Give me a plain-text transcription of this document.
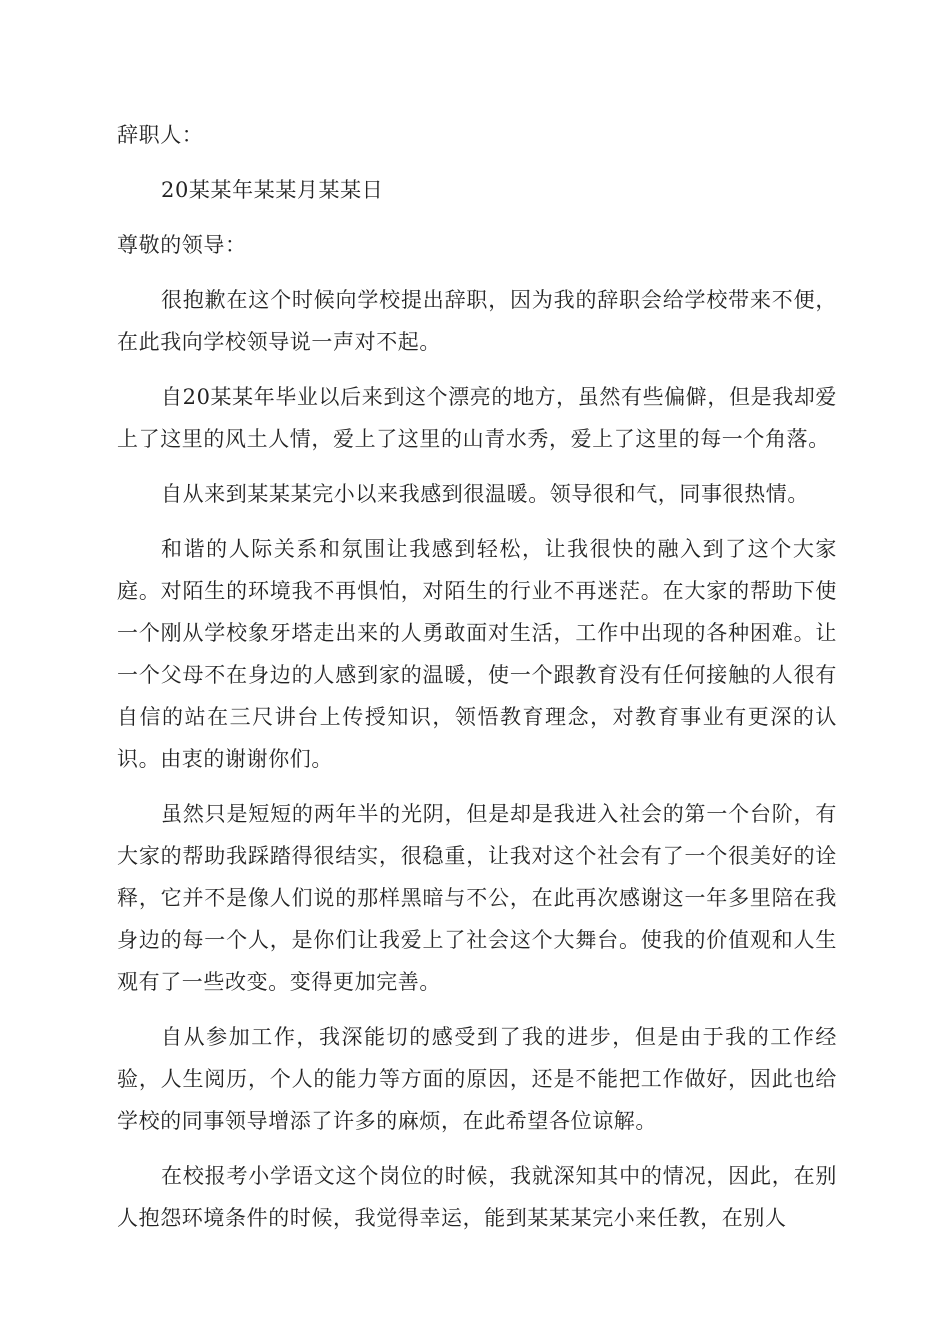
辞职人：

20某某年某某月某某日

尊敬的领导：

很抱歉在这个时候向学校提出辞职，因为我的辞职会给学校带来不便，在此我向学校领导说一声对不起。

自20某某年毕业以后来到这个漂亮的地方，虽然有些偏僻，但是我却爱上了这里的风土人情，爱上了这里的山青水秀，爱上了这里的每一个角落。

自从来到某某某完小以来我感到很温暖。领导很和气，同事很热情。

和谐的人际关系和氛围让我感到轻松，让我很快的融入到了这个大家庭。对陌生的环境我不再惧怕，对陌生的行业不再迷茫。在大家的帮助下使一个刚从学校象牙塔走出来的人勇敢面对生活，工作中出现的各种困难。让一个父母不在身边的人感到家的温暖，使一个跟教育没有任何接触的人很有自信的站在三尺讲台上传授知识，领悟教育理念，对教育事业有更深的认识。由衷的谢谢你们。

虽然只是短短的两年半的光阴，但是却是我进入社会的第一个台阶，有大家的帮助我踩踏得很结实，很稳重，让我对这个社会有了一个很美好的诠释，它并不是像人们说的那样黑暗与不公，在此再次感谢这一年多里陪在我身边的每一个人，是你们让我爱上了社会这个大舞台。使我的价值观和人生观有了一些改变。变得更加完善。

自从参加工作，我深能切的感受到了我的进步，但是由于我的工作经验，人生阅历，个人的能力等方面的原因，还是不能把工作做好，因此也给学校的同事领导增添了许多的麻烦，在此希望各位谅解。

在校报考小学语文这个岗位的时候，我就深知其中的情况，因此，在别人抱怨环境条件的时候，我觉得幸运，能到某某某完小来任教，在别人
